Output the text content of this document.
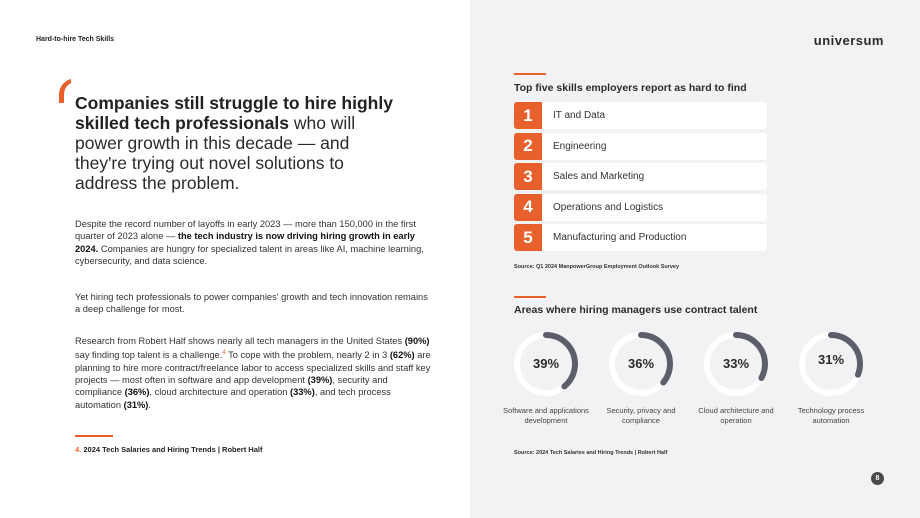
Hard-to-hire Tech Skills
Companies still struggle to hire highly
skilled tech professionals who will
power growth in this decade — and
they're trying out novel solutions to
address the problem.

Despite the record number of layoffs in early 2023 — more than 150,000 in the first quarter of 2023 alone — the tech industry is now driving hiring growth in early 2024. Companies are hungry for specialized talent in areas like AI, machine learning, cybersecurity, and data science.

Yet hiring tech professionals to power companies' growth and tech innovation remains a deep challenge for most.

Research from Robert Half shows nearly all tech managers in the United States (90%) say finding top talent is a challenge.$^4$ To cope with the problem, nearly 2 in 3 (62%) are planning to hire more contract/freelance labor to access specialized skills and staff key projects — most often in software and app development (39%), security and compliance (36%), cloud architecture and operation (33%), and tech process automation (31%).

4. 2024 Tech Salaries and Hiring Trends | Robert Half
universum
Top five skills employers report as hard to find
1	IT and Data
2	Engineering
3	Sales and Marketing
4	Operations and Logistics
5	Manufacturing and Production
Source: Q1 2024 ManpowerGroup Employment Outlook Survey
Areas where hiring managers use contract talent
39%
Software and applications development
36%
Security, privacy and compliance
33%
Cloud architecture and operation
31%
Technology process automation
Source: 2024 Tech Salaries and Hiring Trends | Robert Half
8
